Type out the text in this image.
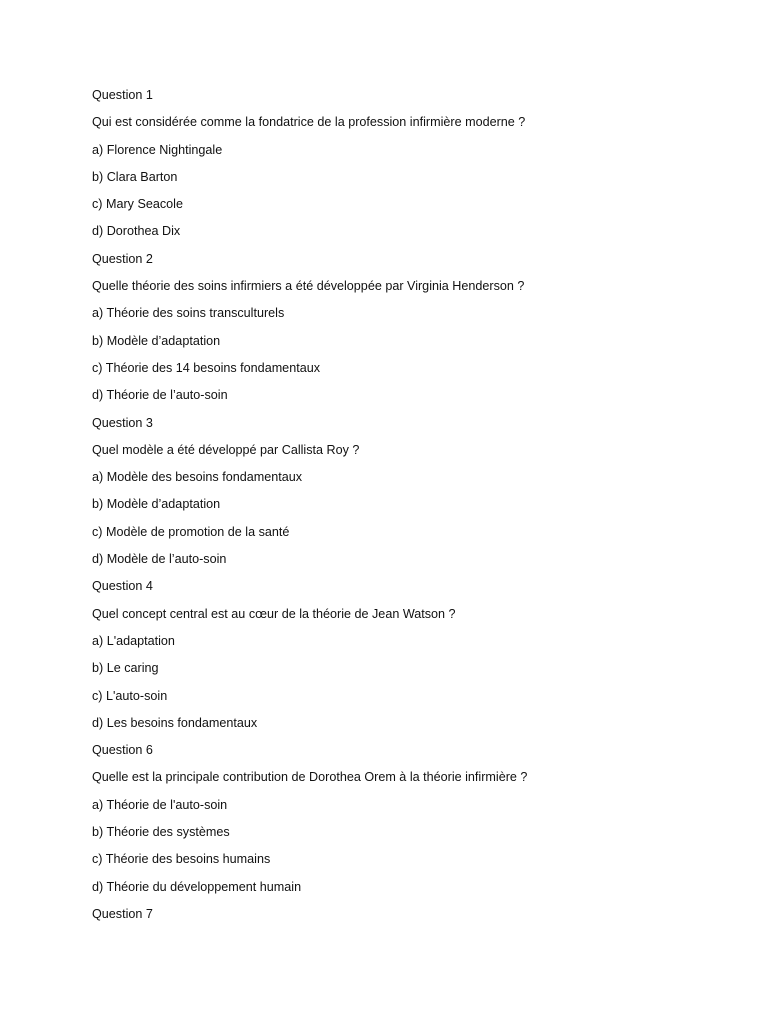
Question 1
Qui est considérée comme la fondatrice de la profession infirmière moderne ?
a) Florence Nightingale
b) Clara Barton
c) Mary Seacole
d) Dorothea Dix
Question 2
Quelle théorie des soins infirmiers a été développée par Virginia Henderson ?
a) Théorie des soins transculturels
b) Modèle d’adaptation
c) Théorie des 14 besoins fondamentaux
d) Théorie de l’auto-soin
Question 3
Quel modèle a été développé par Callista Roy ?
a) Modèle des besoins fondamentaux
b) Modèle d’adaptation
c) Modèle de promotion de la santé
d) Modèle de l’auto-soin
Question 4
Quel concept central est au cœur de la théorie de Jean Watson ?
a) L'adaptation
b) Le caring
c) L'auto-soin
d) Les besoins fondamentaux
Question 6
Quelle est la principale contribution de Dorothea Orem à la théorie infirmière ?
a) Théorie de l'auto-soin
b) Théorie des systèmes
c) Théorie des besoins humains
d) Théorie du développement humain
Question 7
